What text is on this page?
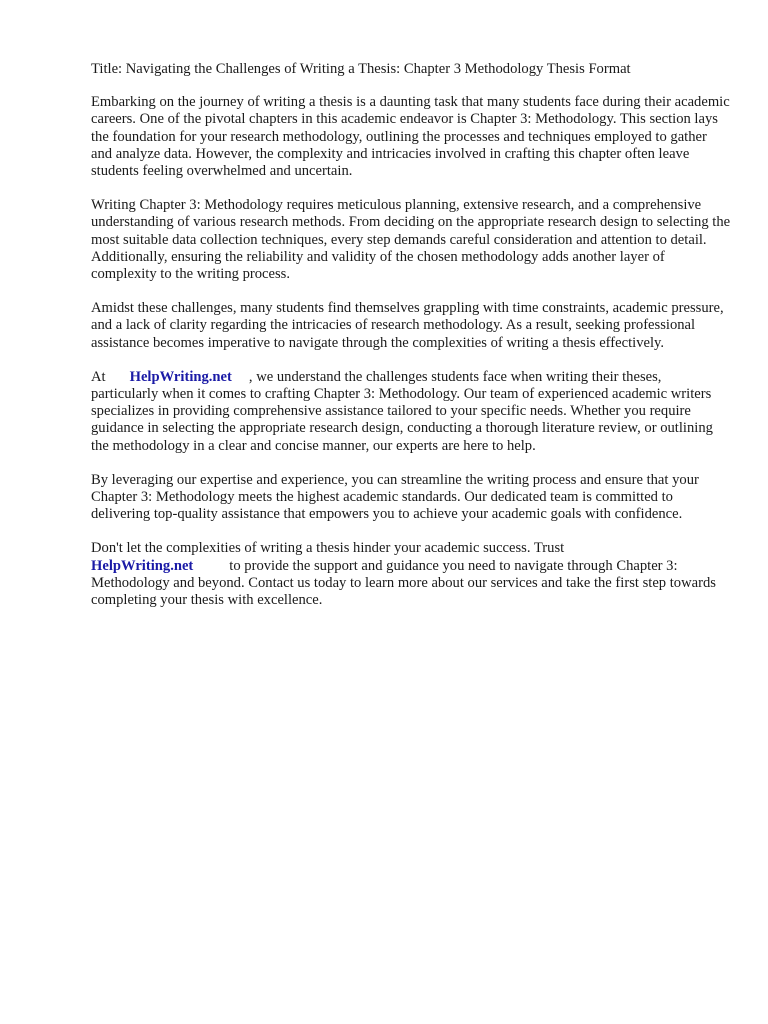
Title: Navigating the Challenges of Writing a Thesis: Chapter 3 Methodology Thesis Format

Embarking on the journey of writing a thesis is a daunting task that many students face during their academic careers. One of the pivotal chapters in this academic endeavor is Chapter 3: Methodology. This section lays the foundation for your research methodology, outlining the processes and techniques employed to gather and analyze data. However, the complexity and intricacies involved in crafting this chapter often leave students feeling overwhelmed and uncertain.

Writing Chapter 3: Methodology requires meticulous planning, extensive research, and a comprehensive understanding of various research methods. From deciding on the appropriate research design to selecting the most suitable data collection techniques, every step demands careful consideration and attention to detail. Additionally, ensuring the reliability and validity of the chosen methodology adds another layer of complexity to the writing process.

Amidst these challenges, many students find themselves grappling with time constraints, academic pressure, and a lack of clarity regarding the intricacies of research methodology. As a result, seeking professional assistance becomes imperative to navigate through the complexities of writing a thesis effectively.

At HelpWriting.net , we understand the challenges students face when writing their theses, particularly when it comes to crafting Chapter 3: Methodology. Our team of experienced academic writers specializes in providing comprehensive assistance tailored to your specific needs. Whether you require guidance in selecting the appropriate research design, conducting a thorough literature review, or outlining the methodology in a clear and concise manner, our experts are here to help.

By leveraging our expertise and experience, you can streamline the writing process and ensure that your Chapter 3: Methodology meets the highest academic standards. Our dedicated team is committed to delivering top-quality assistance that empowers you to achieve your academic goals with confidence.

Don't let the complexities of writing a thesis hinder your academic success. Trust
HelpWriting.net to provide the support and guidance you need to navigate through Chapter 3: Methodology and beyond. Contact us today to learn more about our services and take the first step towards completing your thesis with excellence.
